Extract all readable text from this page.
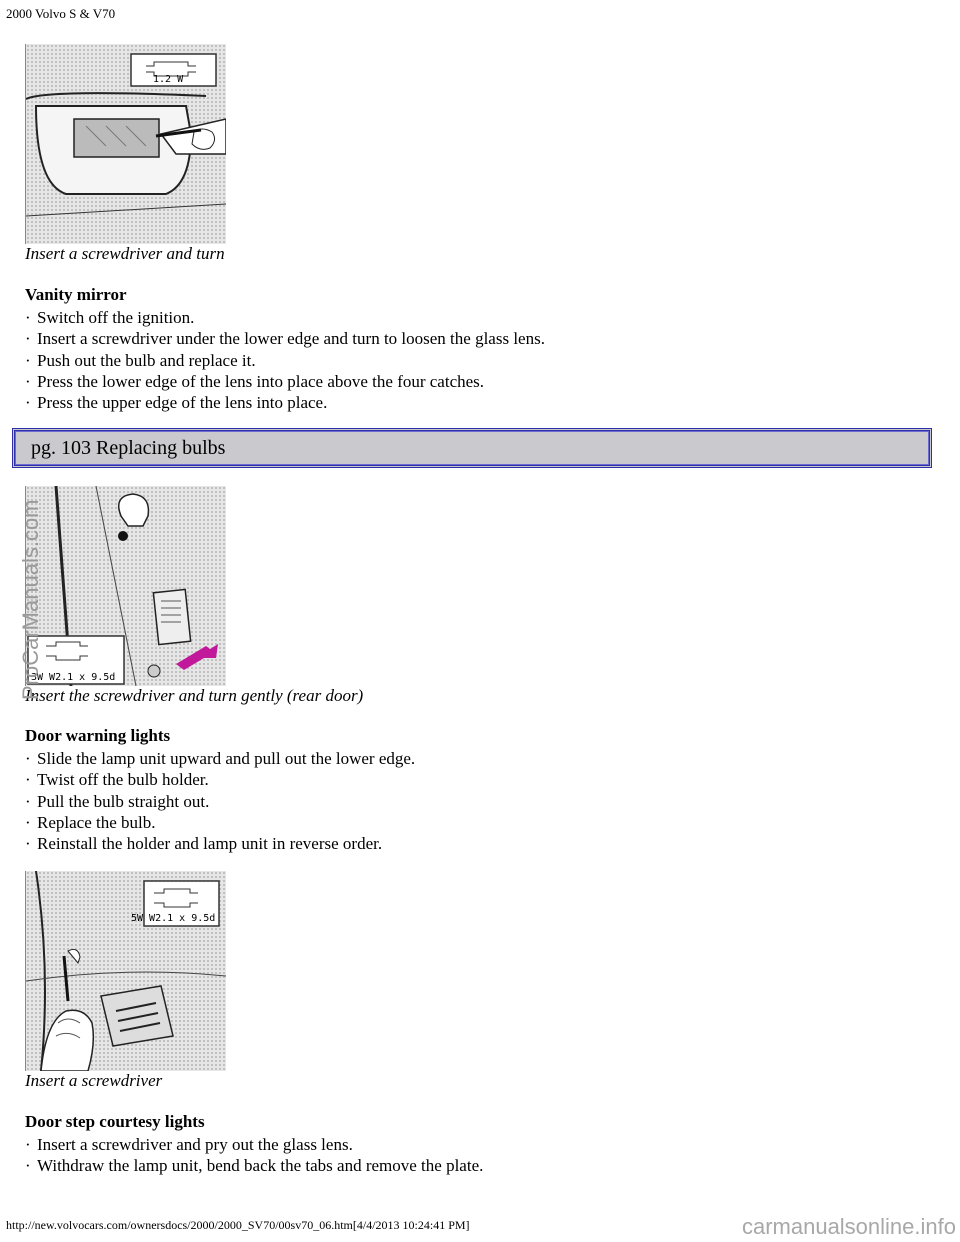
2000 Volvo S & V70
1.2 W
Insert a screwdriver and turn
Vanity mirror
· Switch off the ignition.
· Insert a screwdriver under the lower edge and turn to loosen the glass lens.
· Push out the bulb and replace it.
· Press the lower edge of the lens into place above the four catches.
· Press the upper edge of the lens into place.
pg. 103 Replacing bulbs
3W W2.1 x 9.5d
Insert the screwdriver and turn gently (rear door)
Door warning lights
· Slide the lamp unit upward and pull out the lower edge.
· Twist off the bulb holder.
· Pull the bulb straight out.
· Replace the bulb.
· Reinstall the holder and lamp unit in reverse order.
5W W2.1 x 9.5d
Insert a screwdriver
Door step courtesy lights
· Insert a screwdriver and pry out the glass lens.
· Withdraw the lamp unit, bend back the tabs and remove the plate.
ProCarManuals.com
carmanualsonline.info
http://new.volvocars.com/ownersdocs/2000/2000_SV70/00sv70_06.htm[4/4/2013 10:24:41 PM]
